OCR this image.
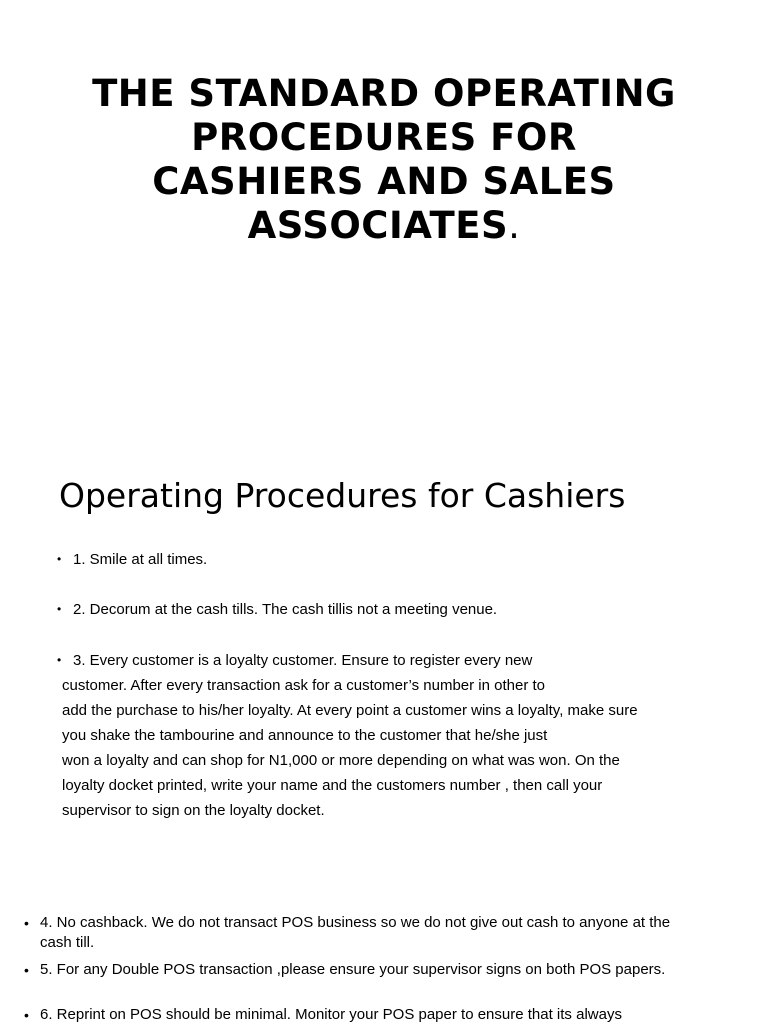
THE STANDARD OPERATING PROCEDURES FOR CASHIERS AND SALES ASSOCIATES.
Operating Procedures for Cashiers
• 1. Smile at all times.

• 2. Decorum at the cash tills. The cash tillis not a meeting venue.

• 3. Every customer is a loyalty customer. Ensure to register every new
customer. After every transaction ask for a customer’s number in other to
add the purchase to his/her loyalty. At every point a customer wins a loyalty, make sure
you shake the tambourine and announce to the customer that he/she just
won a loyalty and can shop for N1,000 or more depending on what was won. On the
loyalty docket printed, write your name and the customers number , then call your
supervisor to sign on the loyalty docket.

• 4. No cashback. We do not transact POS business so we do not give out cash to anyone at the cash till.
• 5. For any Double POS transaction ,please ensure your supervisor signs on both POS papers.
• 6. Reprint on POS should be minimal. Monitor your POS paper to ensure that its always
